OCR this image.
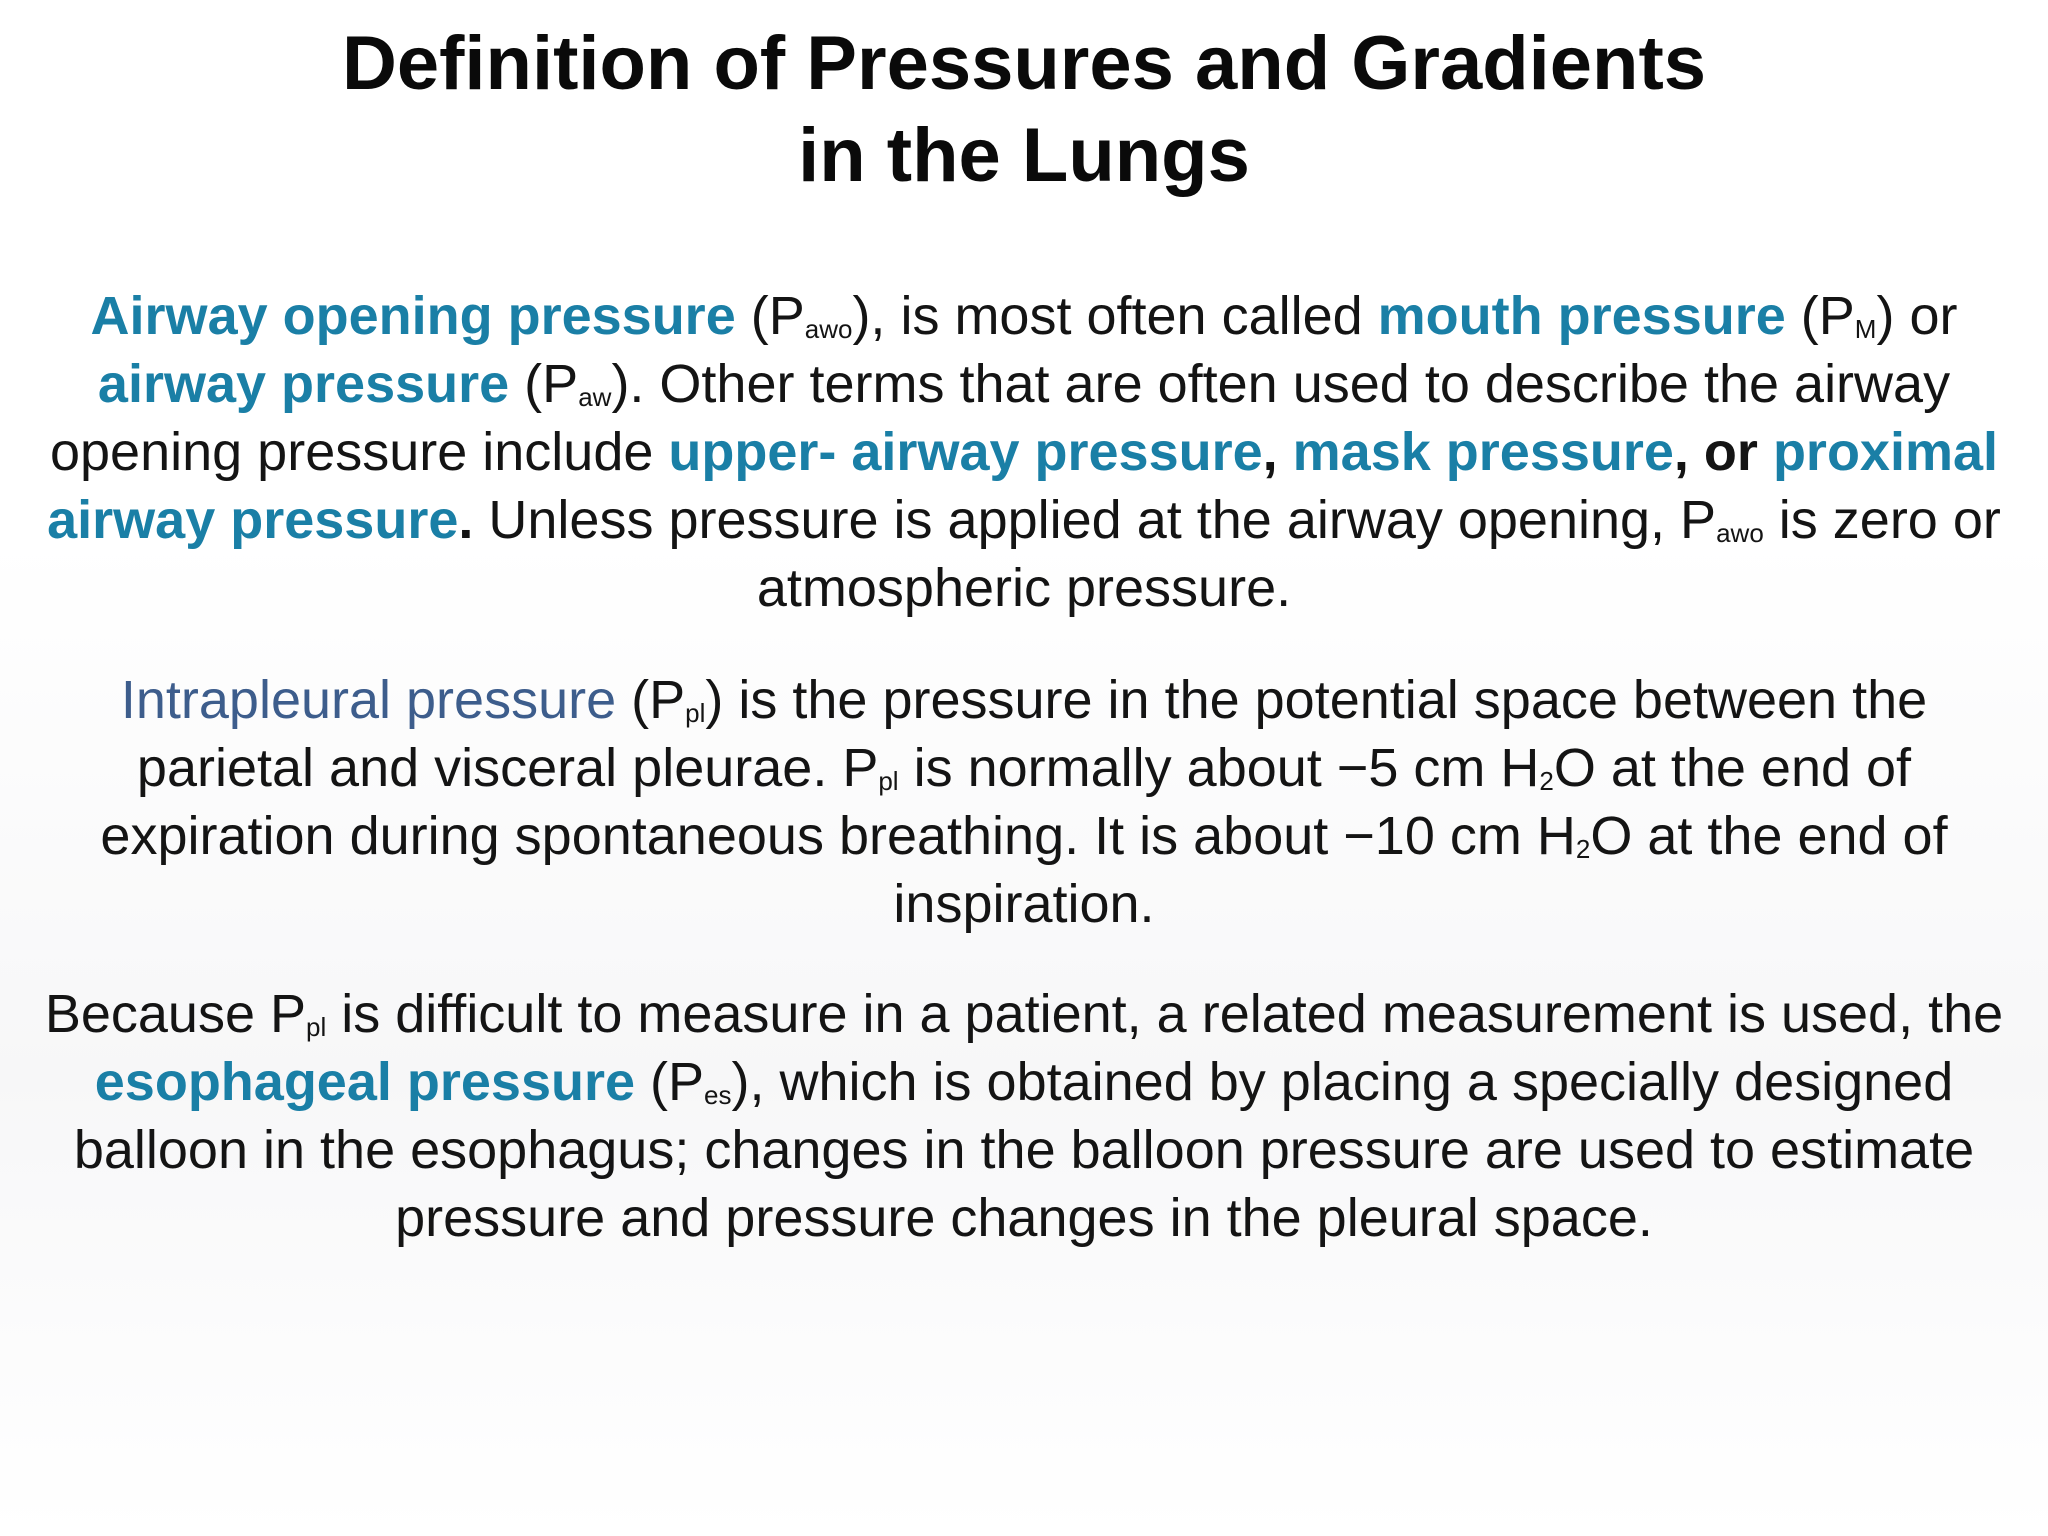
Definition of Pressures and Gradients
in the Lungs

Airway opening pressure $(P_{awo})$, is most often called mouth pressure $(P_M)$ or airway pressure $(P_{aw})$. Other terms that are often used to describe the airway opening pressure include upper- airway pressure, mask pressure, or proximal airway pressure. Unless pressure is applied at the airway opening, $P_{awo}$ is zero or atmospheric pressure.

Intrapleural pressure $(P_{pl})$ is the pressure in the potential space between the parietal and visceral pleurae. $P_{pl}$ is normally about −5 cm $H_2O$ at the end of expiration during spontaneous breathing. It is about −10 cm $H_2O$ at the end of inspiration.

Because $P_{pl}$ is difficult to measure in a patient, a related measurement is used, the esophageal pressure $(P_{es})$, which is obtained by placing a specially designed balloon in the esophagus; changes in the balloon pressure are used to estimate pressure and pressure changes in the pleural space.
